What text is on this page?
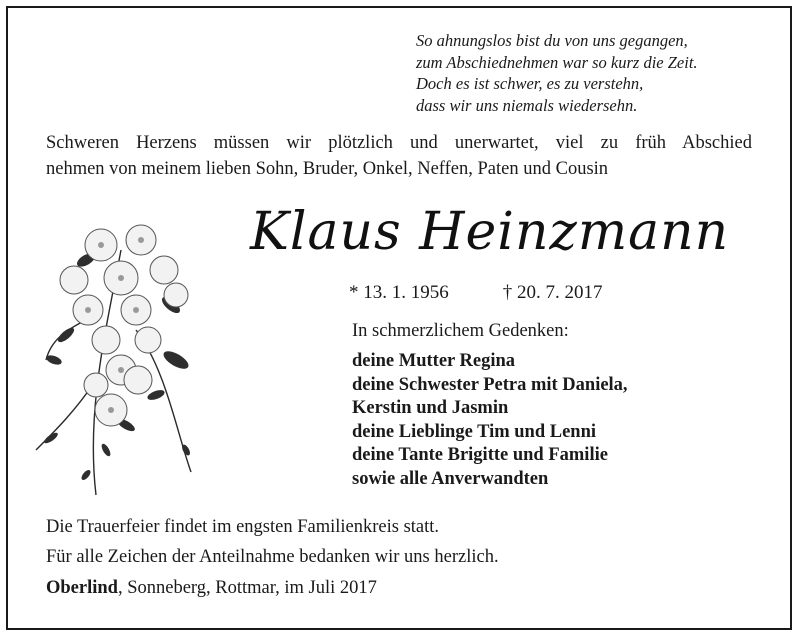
So ahnungslos bist du von uns gegangen,
zum Abschiednehmen war so kurz die Zeit.
Doch es ist schwer, es zu verstehn,
dass wir uns niemals wiedersehn.
Schweren Herzens müssen wir plötzlich und unerwartet, viel zu früh Abschied
nehmen von meinem lieben Sohn, Bruder, Onkel, Neffen, Paten und Cousin
Klaus Heinzmann
* 13. 1. 1956	† 20. 7. 2017
In schmerzlichem Gedenken:
deine Mutter Regina
deine Schwester Petra mit Daniela,
Kerstin und Jasmin
deine Lieblinge Tim und Lenni
deine Tante Brigitte und Familie
sowie alle Anverwandten
Die Trauerfeier findet im engsten Familienkreis statt.
Für alle Zeichen der Anteilnahme bedanken wir uns herzlich.
Oberlind, Sonneberg, Rottmar, im Juli 2017
